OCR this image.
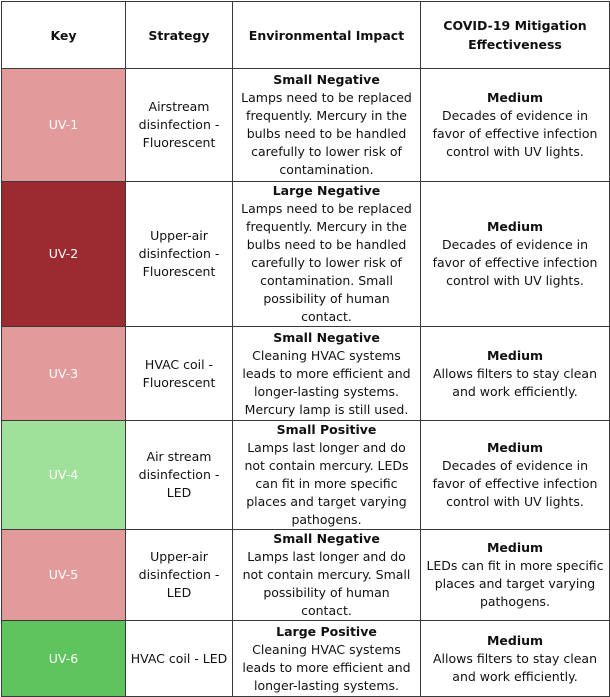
Key	Strategy	Environmental Impact	COVID-19 Mitigation Effectiveness
UV-1	Airstream disinfection - Fluorescent	Small Negative
Lamps need to be replaced frequently. Mercury in the bulbs need to be handled carefully to lower risk of contamination.	Medium
Decades of evidence in favor of effective infection control with UV lights.

UV-2	Upper-air disinfection - Fluorescent	Large Negative
Lamps need to be replaced frequently. Mercury in the bulbs need to be handled carefully to lower risk of contamination. Small possibility of human contact.	Medium
Decades of evidence in favor of effective infection control with UV lights.

UV-3	HVAC coil - Fluorescent	Small Negative
Cleaning HVAC systems leads to more efficient and longer-lasting systems. Mercury lamp is still used.	Medium
Allows filters to stay clean and work efficiently.

UV-4	Air stream disinfection - LED	Small Positive
Lamps last longer and do not contain mercury. LEDs can fit in more specific places and target varying pathogens.	Medium
Decades of evidence in favor of effective infection control with UV lights.

UV-5	Upper-air disinfection - LED	Small Negative
Lamps last longer and do not contain mercury. Small possibility of human contact.	Medium
LEDs can fit in more specific places and target varying pathogens.

UV-6	HVAC coil - LED	Large Positive
Cleaning HVAC systems leads to more efficient and longer-lasting systems.	Medium
Allows filters to stay clean and work efficiently.
